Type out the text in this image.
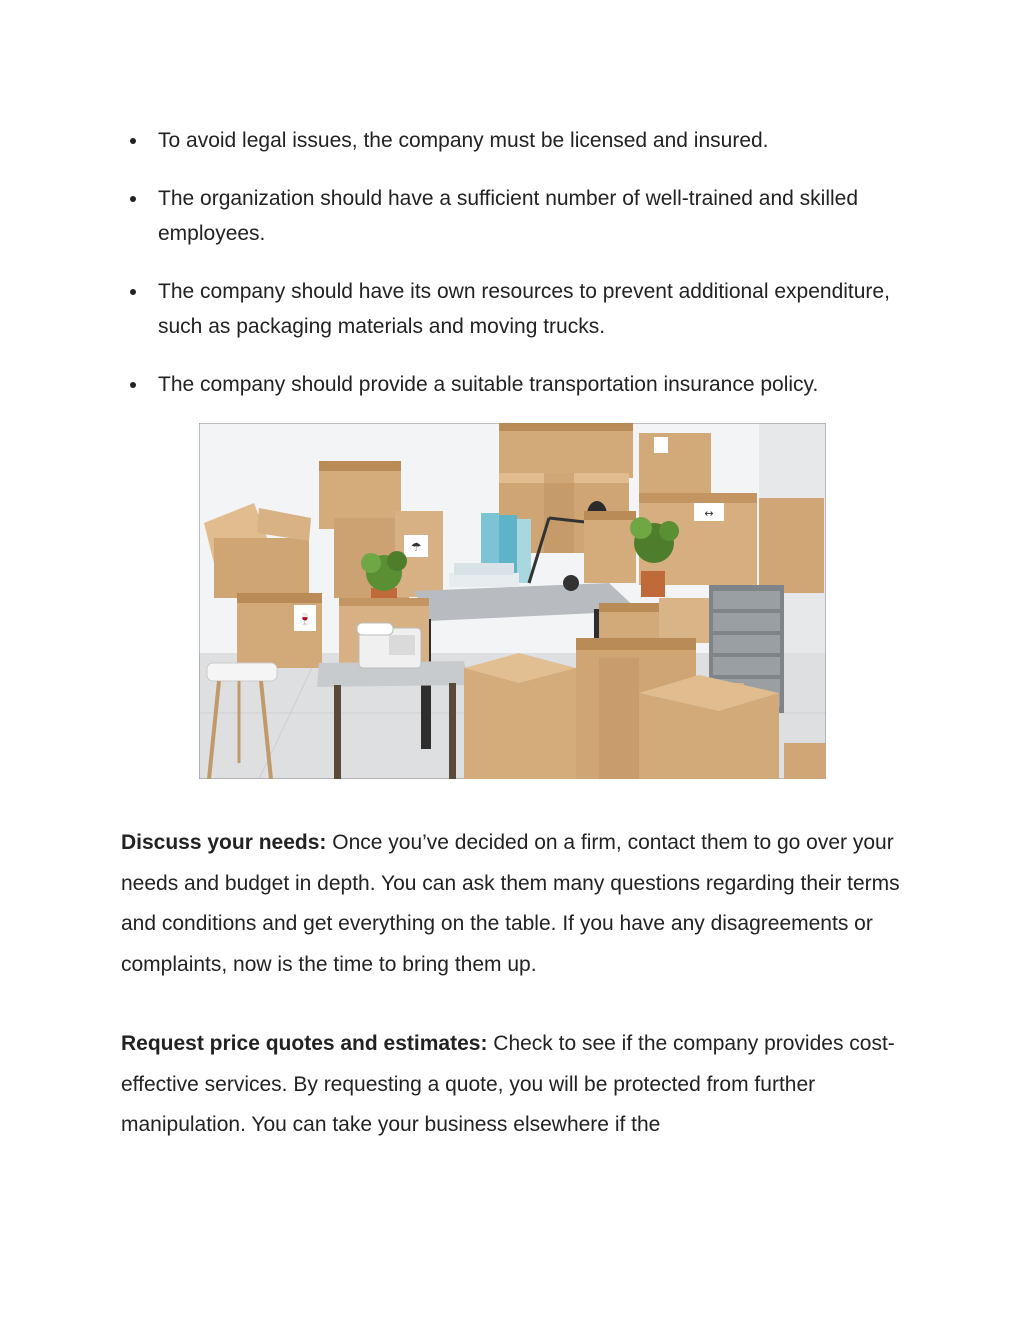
To avoid legal issues, the company must be licensed and insured.
The organization should have a sufficient number of well-trained and skilled employees.
The company should have its own resources to prevent additional expenditure, such as packaging materials and moving trucks.
The company should provide a suitable transportation insurance policy.
☂
🍷
↔

Discuss your needs: Once you’ve decided on a firm, contact them to go over your needs and budget in depth. You can ask them many questions regarding their terms and conditions and get everything on the table. If you have any disagreements or complaints, now is the time to bring them up.

Request price quotes and estimates: Check to see if the company provides cost-effective services. By requesting a quote, you will be protected from further manipulation. You can take your business elsewhere if the
